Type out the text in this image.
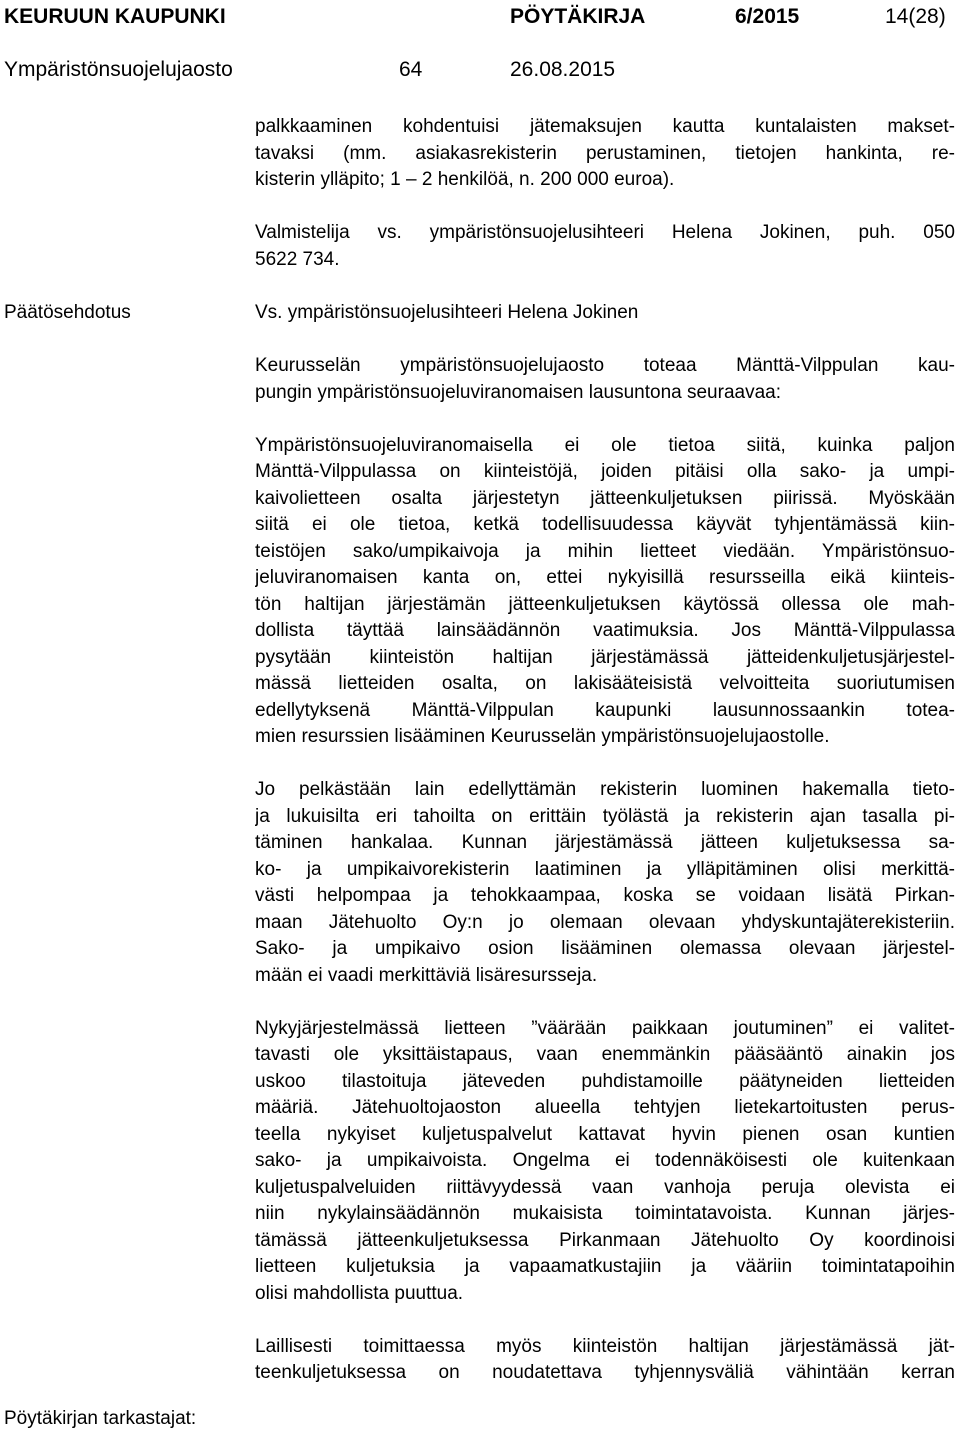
KEURUUN KAUPUNKI	PÖYTÄKIRJA	6/2015	14(28)
Ympäristönsuojelujaosto	64	26.08.2015
Päätösehdotus
Pöytäkirjan tarkastajat:
palkkaaminen kohdentuisi jätemaksujen kautta kuntalaisten makset-
tavaksi (mm. asiakasrekisterin perustaminen, tietojen hankinta, re-
kisterin ylläpito; 1 – 2 henkilöä, n. 200 000 euroa).
Valmistelija vs. ympäristönsuojelusihteeri Helena Jokinen, puh. 050
5622 734.
Vs. ympäristönsuojelusihteeri Helena Jokinen
Keurusselän ympäristönsuojelujaosto toteaa Mänttä-Vilppulan kau-
pungin ympäristönsuojeluviranomaisen lausuntona seuraavaa:
Ympäristönsuojeluviranomaisella ei ole tietoa siitä, kuinka paljon
Mänttä-Vilppulassa on kiinteistöjä, joiden pitäisi olla sako- ja umpi-
kaivolietteen osalta järjestetyn jätteenkuljetuksen piirissä. Myöskään
siitä ei ole tietoa, ketkä todellisuudessa käyvät tyhjentämässä kiin-
teistöjen sako/umpikaivoja ja mihin lietteet viedään. Ympäristönsuo-
jeluviranomaisen kanta on, ettei nykyisillä resursseilla eikä kiinteis-
tön haltijan järjestämän jätteenkuljetuksen käytössä ollessa ole mah-
dollista täyttää lainsäädännön vaatimuksia. Jos Mänttä-Vilppulassa
pysytään kiinteistön haltijan järjestämässä jätteidenkuljetusjärjestel-
mässä lietteiden osalta, on lakisääteisistä velvoitteita suoriutumisen
edellytyksenä Mänttä-Vilppulan kaupunki lausunnossaankin totea-
mien resurssien lisääminen Keurusselän ympäristönsuojelujaostolle.
Jo pelkästään lain edellyttämän rekisterin luominen hakemalla tieto-
ja lukuisilta eri tahoilta on erittäin työlästä ja rekisterin ajan tasalla pi-
täminen hankalaa. Kunnan järjestämässä jätteen kuljetuksessa sa-
ko- ja umpikaivorekisterin laatiminen ja ylläpitäminen olisi merkittä-
västi helpompaa ja tehokkaampaa, koska se voidaan lisätä Pirkan-
maan Jätehuolto Oy:n jo olemaan olevaan yhdyskuntajäterekisteriin.
Sako- ja umpikaivo osion lisääminen olemassa olevaan järjestel-
mään ei vaadi merkittäviä lisäresursseja.
Nykyjärjestelmässä lietteen ”väärään paikkaan joutuminen” ei valitet-
tavasti ole yksittäistapaus, vaan enemmänkin pääsääntö ainakin jos
uskoo tilastoituja jäteveden puhdistamoille päätyneiden lietteiden
määriä. Jätehuoltojaoston alueella tehtyjen lietekartoitusten perus-
teella nykyiset kuljetuspalvelut kattavat hyvin pienen osan kuntien
sako- ja umpikaivoista. Ongelma ei todennäköisesti ole kuitenkaan
kuljetuspalveluiden riittävyydessä vaan vanhoja peruja olevista ei
niin nykylainsäädännön mukaisista toimintatavoista. Kunnan järjes-
tämässä jätteenkuljetuksessa Pirkanmaan Jätehuolto Oy koordinoisi
lietteen kuljetuksia ja vapaamatkustajiin ja vääriin toimintatapoihin
olisi mahdollista puuttua.
Laillisesti toimittaessa myös kiinteistön haltijan järjestämässä jät-
teenkuljetuksessa on noudatettava tyhjennysväliä vähintään kerran
